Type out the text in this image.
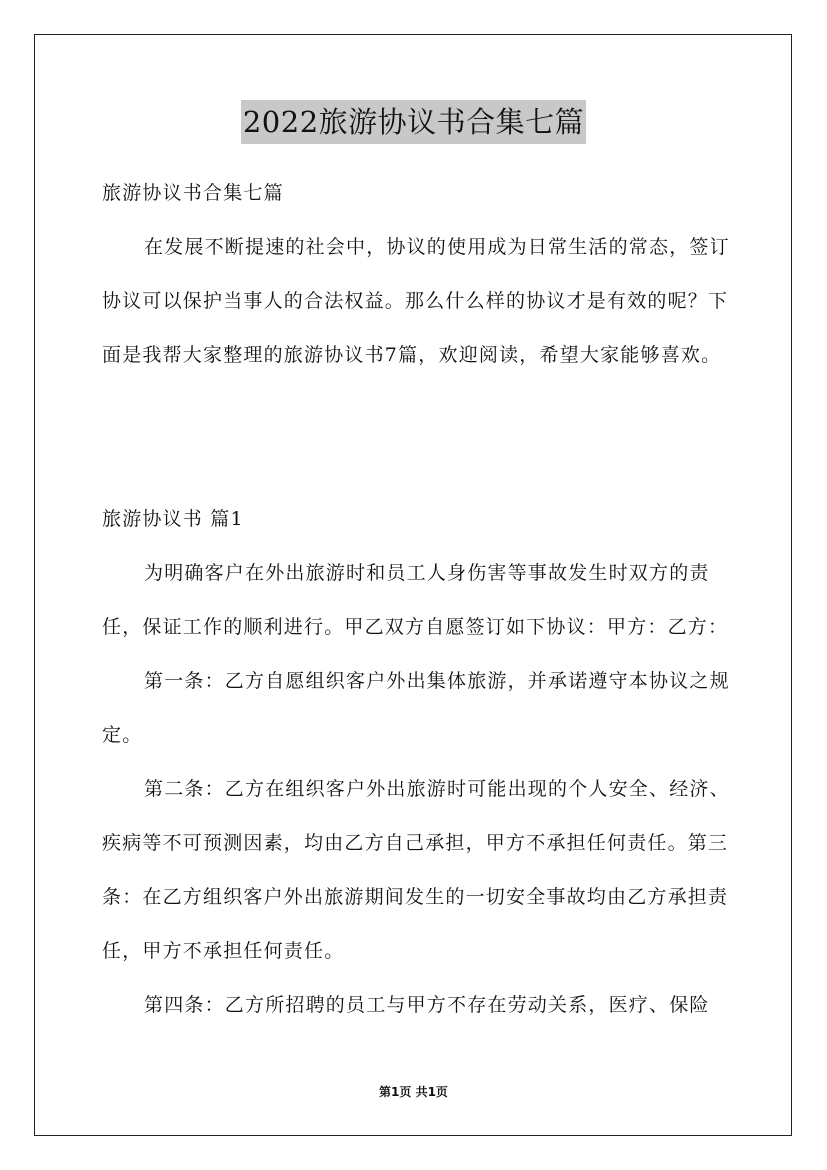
2022旅游协议书合集七篇

旅游协议书合集七篇

在发展不断提速的社会中，协议的使用成为日常生活的常态，签订协议可以保护当事人的合法权益。那么什么样的协议才是有效的呢？下面是我帮大家整理的旅游协议书7篇，欢迎阅读，希望大家能够喜欢。

旅游协议书 篇1

为明确客户在外出旅游时和员工人身伤害等事故发生时双方的责任，保证工作的顺利进行。甲乙双方自愿签订如下协议：甲方：乙方：

第一条：乙方自愿组织客户外出集体旅游，并承诺遵守本协议之规定。

第二条：乙方在组织客户外出旅游时可能出现的个人安全、经济、疾病等不可预测因素，均由乙方自己承担，甲方不承担任何责任。第三条：在乙方组织客户外出旅游期间发生的一切安全事故均由乙方承担责任，甲方不承担任何责任。

第四条：乙方所招聘的员工与甲方不存在劳动关系，医疗、保险

第1页 共1页
